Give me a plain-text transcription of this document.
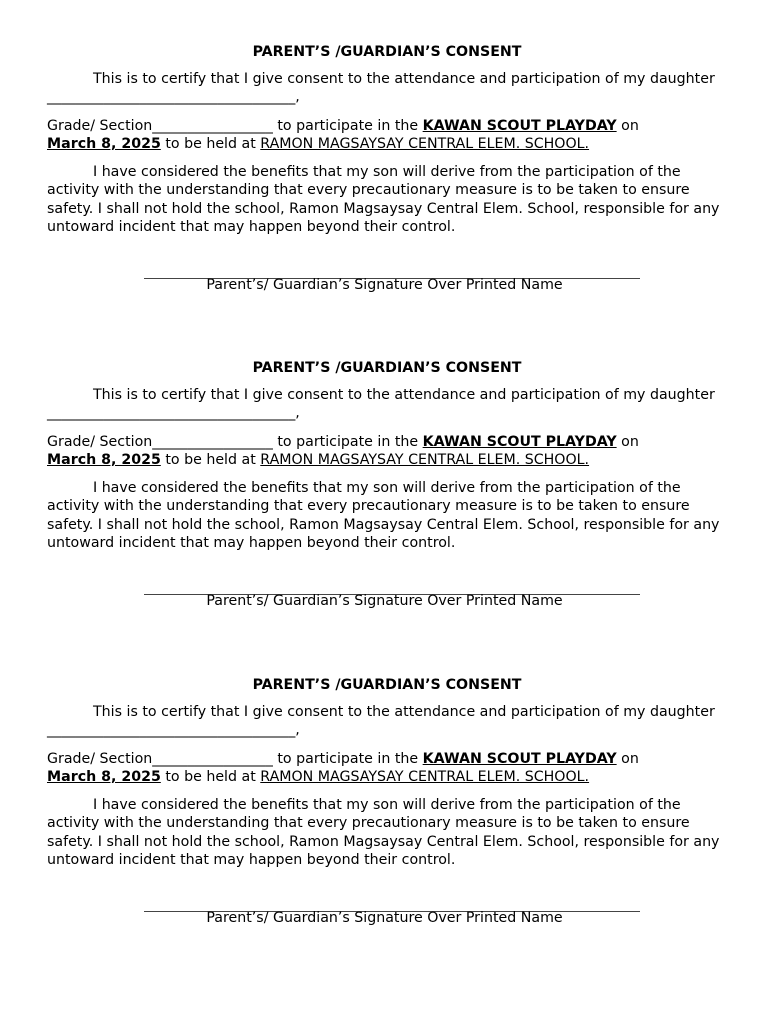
PARENT’S /GUARDIAN’S CONSENT

This is to certify that I give consent to the attendance and participation of my daughter ___________________________________,

Grade/ Section_________________ to participate in the KAWAN SCOUT PLAYDAY on
March 8, 2025 to be held at RAMON MAGSAYSAY CENTRAL ELEM. SCHOOL.

I have considered the benefits that my son will derive from the participation of the activity with the understanding that every precautionary measure is to be taken to ensure safety. I shall not hold the school, Ramon Magsaysay Central Elem. School, responsible for any untoward incident that may happen beyond their control.

Parent’s/ Guardian’s Signature Over Printed Name
PARENT’S /GUARDIAN’S CONSENT

This is to certify that I give consent to the attendance and participation of my daughter ___________________________________,

Grade/ Section_________________ to participate in the KAWAN SCOUT PLAYDAY on
March 8, 2025 to be held at RAMON MAGSAYSAY CENTRAL ELEM. SCHOOL.

I have considered the benefits that my son will derive from the participation of the activity with the understanding that every precautionary measure is to be taken to ensure safety. I shall not hold the school, Ramon Magsaysay Central Elem. School, responsible for any untoward incident that may happen beyond their control.

Parent’s/ Guardian’s Signature Over Printed Name
PARENT’S /GUARDIAN’S CONSENT

This is to certify that I give consent to the attendance and participation of my daughter ___________________________________,

Grade/ Section_________________ to participate in the KAWAN SCOUT PLAYDAY on
March 8, 2025 to be held at RAMON MAGSAYSAY CENTRAL ELEM. SCHOOL.

I have considered the benefits that my son will derive from the participation of the activity with the understanding that every precautionary measure is to be taken to ensure safety. I shall not hold the school, Ramon Magsaysay Central Elem. School, responsible for any untoward incident that may happen beyond their control.

Parent’s/ Guardian’s Signature Over Printed Name
